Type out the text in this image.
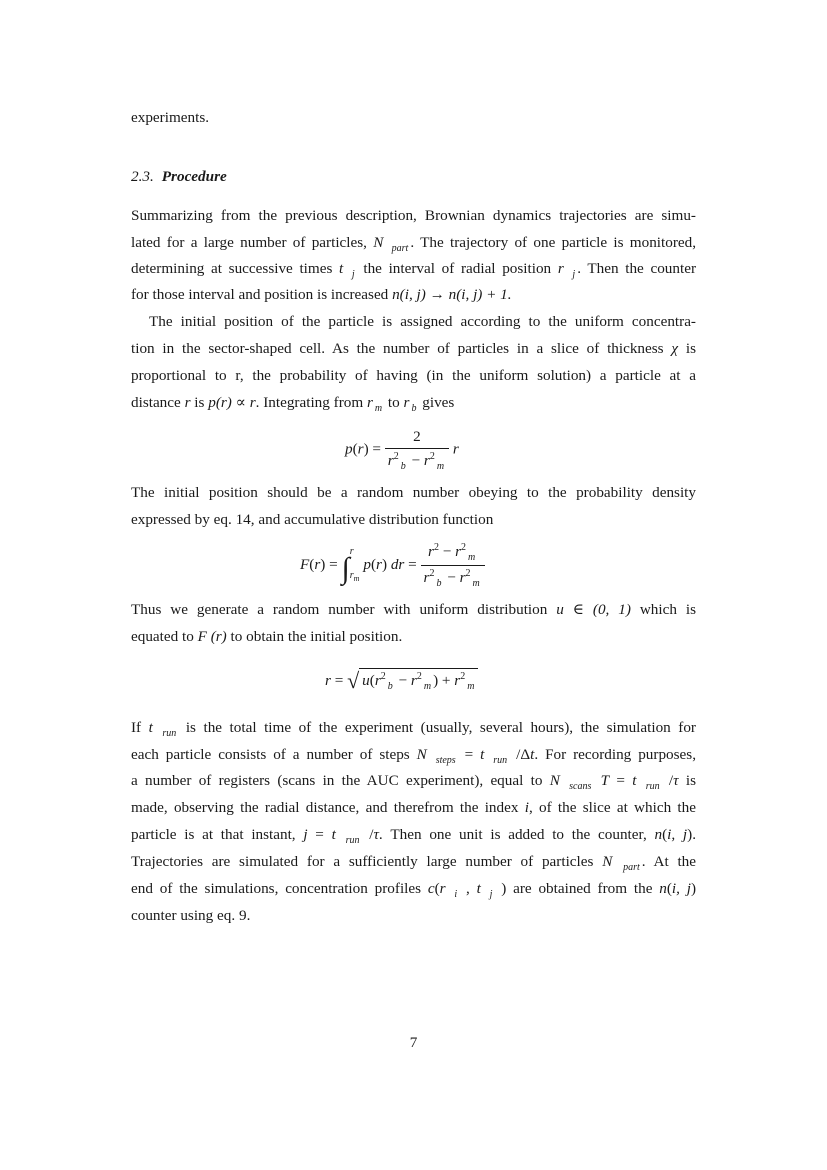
experiments.
2.3. Procedure
Summarizing from the previous description, Brownian dynamics trajectories are simu-
lated for a large number of particles, N $_{part}$ . The trajectory of one particle is monitored,
determining at successive times t $_j$ the interval of radial position r $_j$ . Then the counter
for those interval and position is increased n(i, j) → n(i, j) + 1.
The initial position of the particle is assigned according to the uniform concentra-
tion in the sector-shaped cell. As the number of particles in a slice of thickness χ is
proportional to r, the probability of having (in the uniform solution) a particle at a
distance r is p(r) ∝ r. Integrating from r $_m$ to r $_b$ gives
$p(r) = \frac{2}{r^2_b - r^2_m}$ r
The initial position should be a random number obeying to the probability density
expressed by eq. 14, and accumulative distribution function
F(r) = ∫
r
$r_m$
p(r) dr = $\frac{r^2 - r^2_m}{r^2_b - r^2_m}$
Thus we generate a random number with uniform distribution u ∈ (0, 1) which is
equated to F (r) to obtain the initial position.
r = √ $u(r^2_b - r^2_m$ ) + $r^2_m$
If t $_{run}$ is the total time of the experiment (usually, several hours), the simulation for
each particle consists of a number of steps N $_{steps}$ = t $_{run}$ /Δt. For recording purposes,
a number of registers (scans in the AUC experiment), equal to N $_{scans}$ T = t $_{run}$ /τ is
made, observing the radial distance, and therefrom the index i, of the slice at which the
particle is at that instant, j = t $_{run}$ /τ. Then one unit is added to the counter, n(i, j).
Trajectories are simulated for a sufficiently large number of particles N $_{part}$ . At the
end of the simulations, concentration profiles c(r $_i$ , t $_j$ ) are obtained from the n(i, j)
counter using eq. 9.
7
